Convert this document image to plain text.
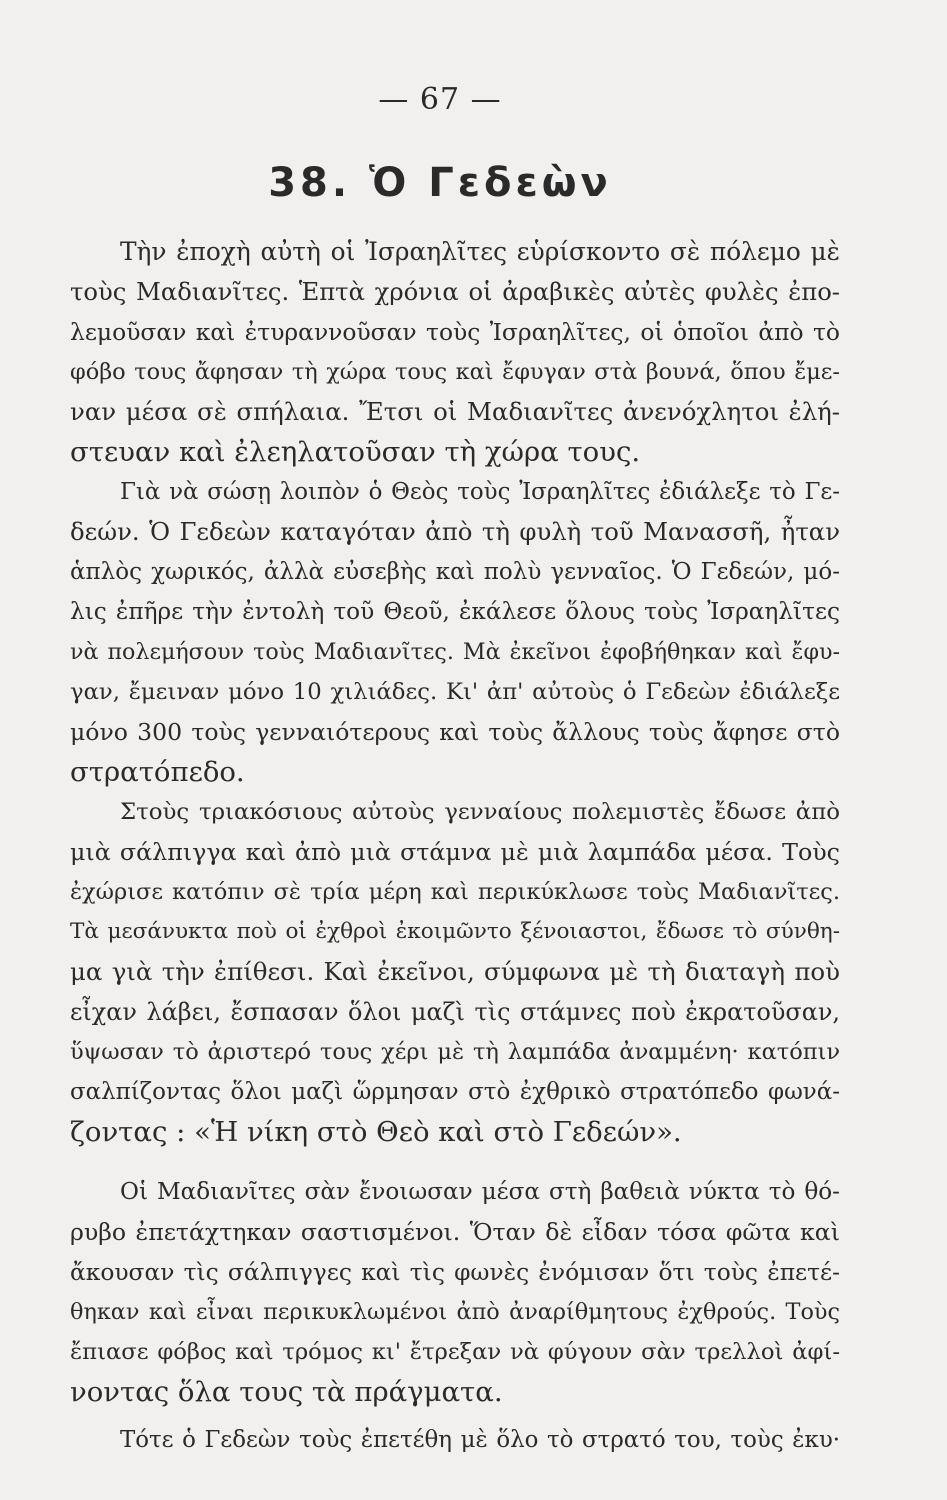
— 67 —
38. Ὁ Γεδεὼν

Τὴν ἐποχὴ αὐτὴ οἱ Ἰσραηλῖτες εὑρίσκοντο σὲ πόλεμο μὲ
τοὺς Μαδιανῖτες. Ἑπτὰ χρόνια οἱ ἀραβικὲς αὐτὲς φυλὲς ἐπο-
λεμοῦσαν καὶ ἐτυραννοῦσαν τοὺς Ἰσραηλῖτες, οἱ ὁποῖοι ἀπὸ τὸ
φόβο τους ἄφησαν τὴ χώρα τους καὶ ἔφυγαν στὰ βουνά, ὅπου ἔμε-
ναν μέσα σὲ σπήλαια. Ἔτσι οἱ Μαδιανῖτες ἀνενόχλητοι ἐλή-
στευαν καὶ ἐλεηλατοῦσαν τὴ χώρα τους.

Γιὰ νὰ σώσῃ λοιπὸν ὁ Θεὸς τοὺς Ἰσραηλῖτες ἐδιάλεξε τὸ Γε-
δεών. Ὁ Γεδεὼν καταγόταν ἀπὸ τὴ φυλὴ τοῦ Μανασσῆ, ἦταν
ἁπλὸς χωρικός, ἀλλὰ εὐσεβὴς καὶ πολὺ γενναῖος. Ὁ Γεδεών, μό-
λις ἐπῆρε τὴν ἐντολὴ τοῦ Θεοῦ, ἐκάλεσε ὅλους τοὺς Ἰσραηλῖτες
νὰ πολεμήσουν τοὺς Μαδιανῖτες. Μὰ ἐκεῖνοι ἐφοβήθηκαν καὶ ἔφυ-
γαν, ἔμειναν μόνο 10 χιλιάδες. Κι' ἀπ' αὐτοὺς ὁ Γεδεὼν ἐδιάλεξε
μόνο 300 τοὺς γενναιότερους καὶ τοὺς ἄλλους τοὺς ἄφησε στὸ
στρατόπεδο.

Στοὺς τριακόσιους αὐτοὺς γενναίους πολεμιστὲς ἔδωσε ἀπὸ
μιὰ σάλπιγγα καὶ ἀπὸ μιὰ στάμνα μὲ μιὰ λαμπάδα μέσα. Τοὺς
ἐχώρισε κατόπιν σὲ τρία μέρη καὶ περικύκλωσε τοὺς Μαδιανῖτες.
Τὰ μεσάνυκτα ποὺ οἱ ἐχθροὶ ἐκοιμῶντο ξένοιαστοι, ἔδωσε τὸ σύνθη-
μα γιὰ τὴν ἐπίθεσι. Καὶ ἐκεῖνοι, σύμφωνα μὲ τὴ διαταγὴ ποὺ
εἶχαν λάβει, ἔσπασαν ὅλοι μαζὶ τὶς στάμνες ποὺ ἐκρατοῦσαν,
ὕψωσαν τὸ ἀριστερό τους χέρι μὲ τὴ λαμπάδα ἀναμμένη· κατόπιν
σαλπίζοντας ὅλοι μαζὶ ὥρμησαν στὸ ἐχθρικὸ στρατόπεδο φωνά-
ζοντας : «Ἡ νίκη στὸ Θεὸ καὶ στὸ Γεδεών».

Οἱ Μαδιανῖτες σὰν ἔνοιωσαν μέσα στὴ βαθειὰ νύκτα τὸ θό-
ρυβο ἐπετάχτηκαν σαστισμένοι. Ὅταν δὲ εἶδαν τόσα φῶτα καὶ
ἄκουσαν τὶς σάλπιγγες καὶ τὶς φωνὲς ἐνόμισαν ὅτι τοὺς ἐπετέ-
θηκαν καὶ εἶναι περικυκλωμένοι ἀπὸ ἀναρίθμητους ἐχθρούς. Τοὺς
ἔπιασε φόβος καὶ τρόμος κι' ἔτρεξαν νὰ φύγουν σὰν τρελλοὶ ἀφί-
νοντας ὅλα τους τὰ πράγματα.

Τότε ὁ Γεδεὼν τοὺς ἐπετέθη μὲ ὅλο τὸ στρατό του, τοὺς ἐκυ·
